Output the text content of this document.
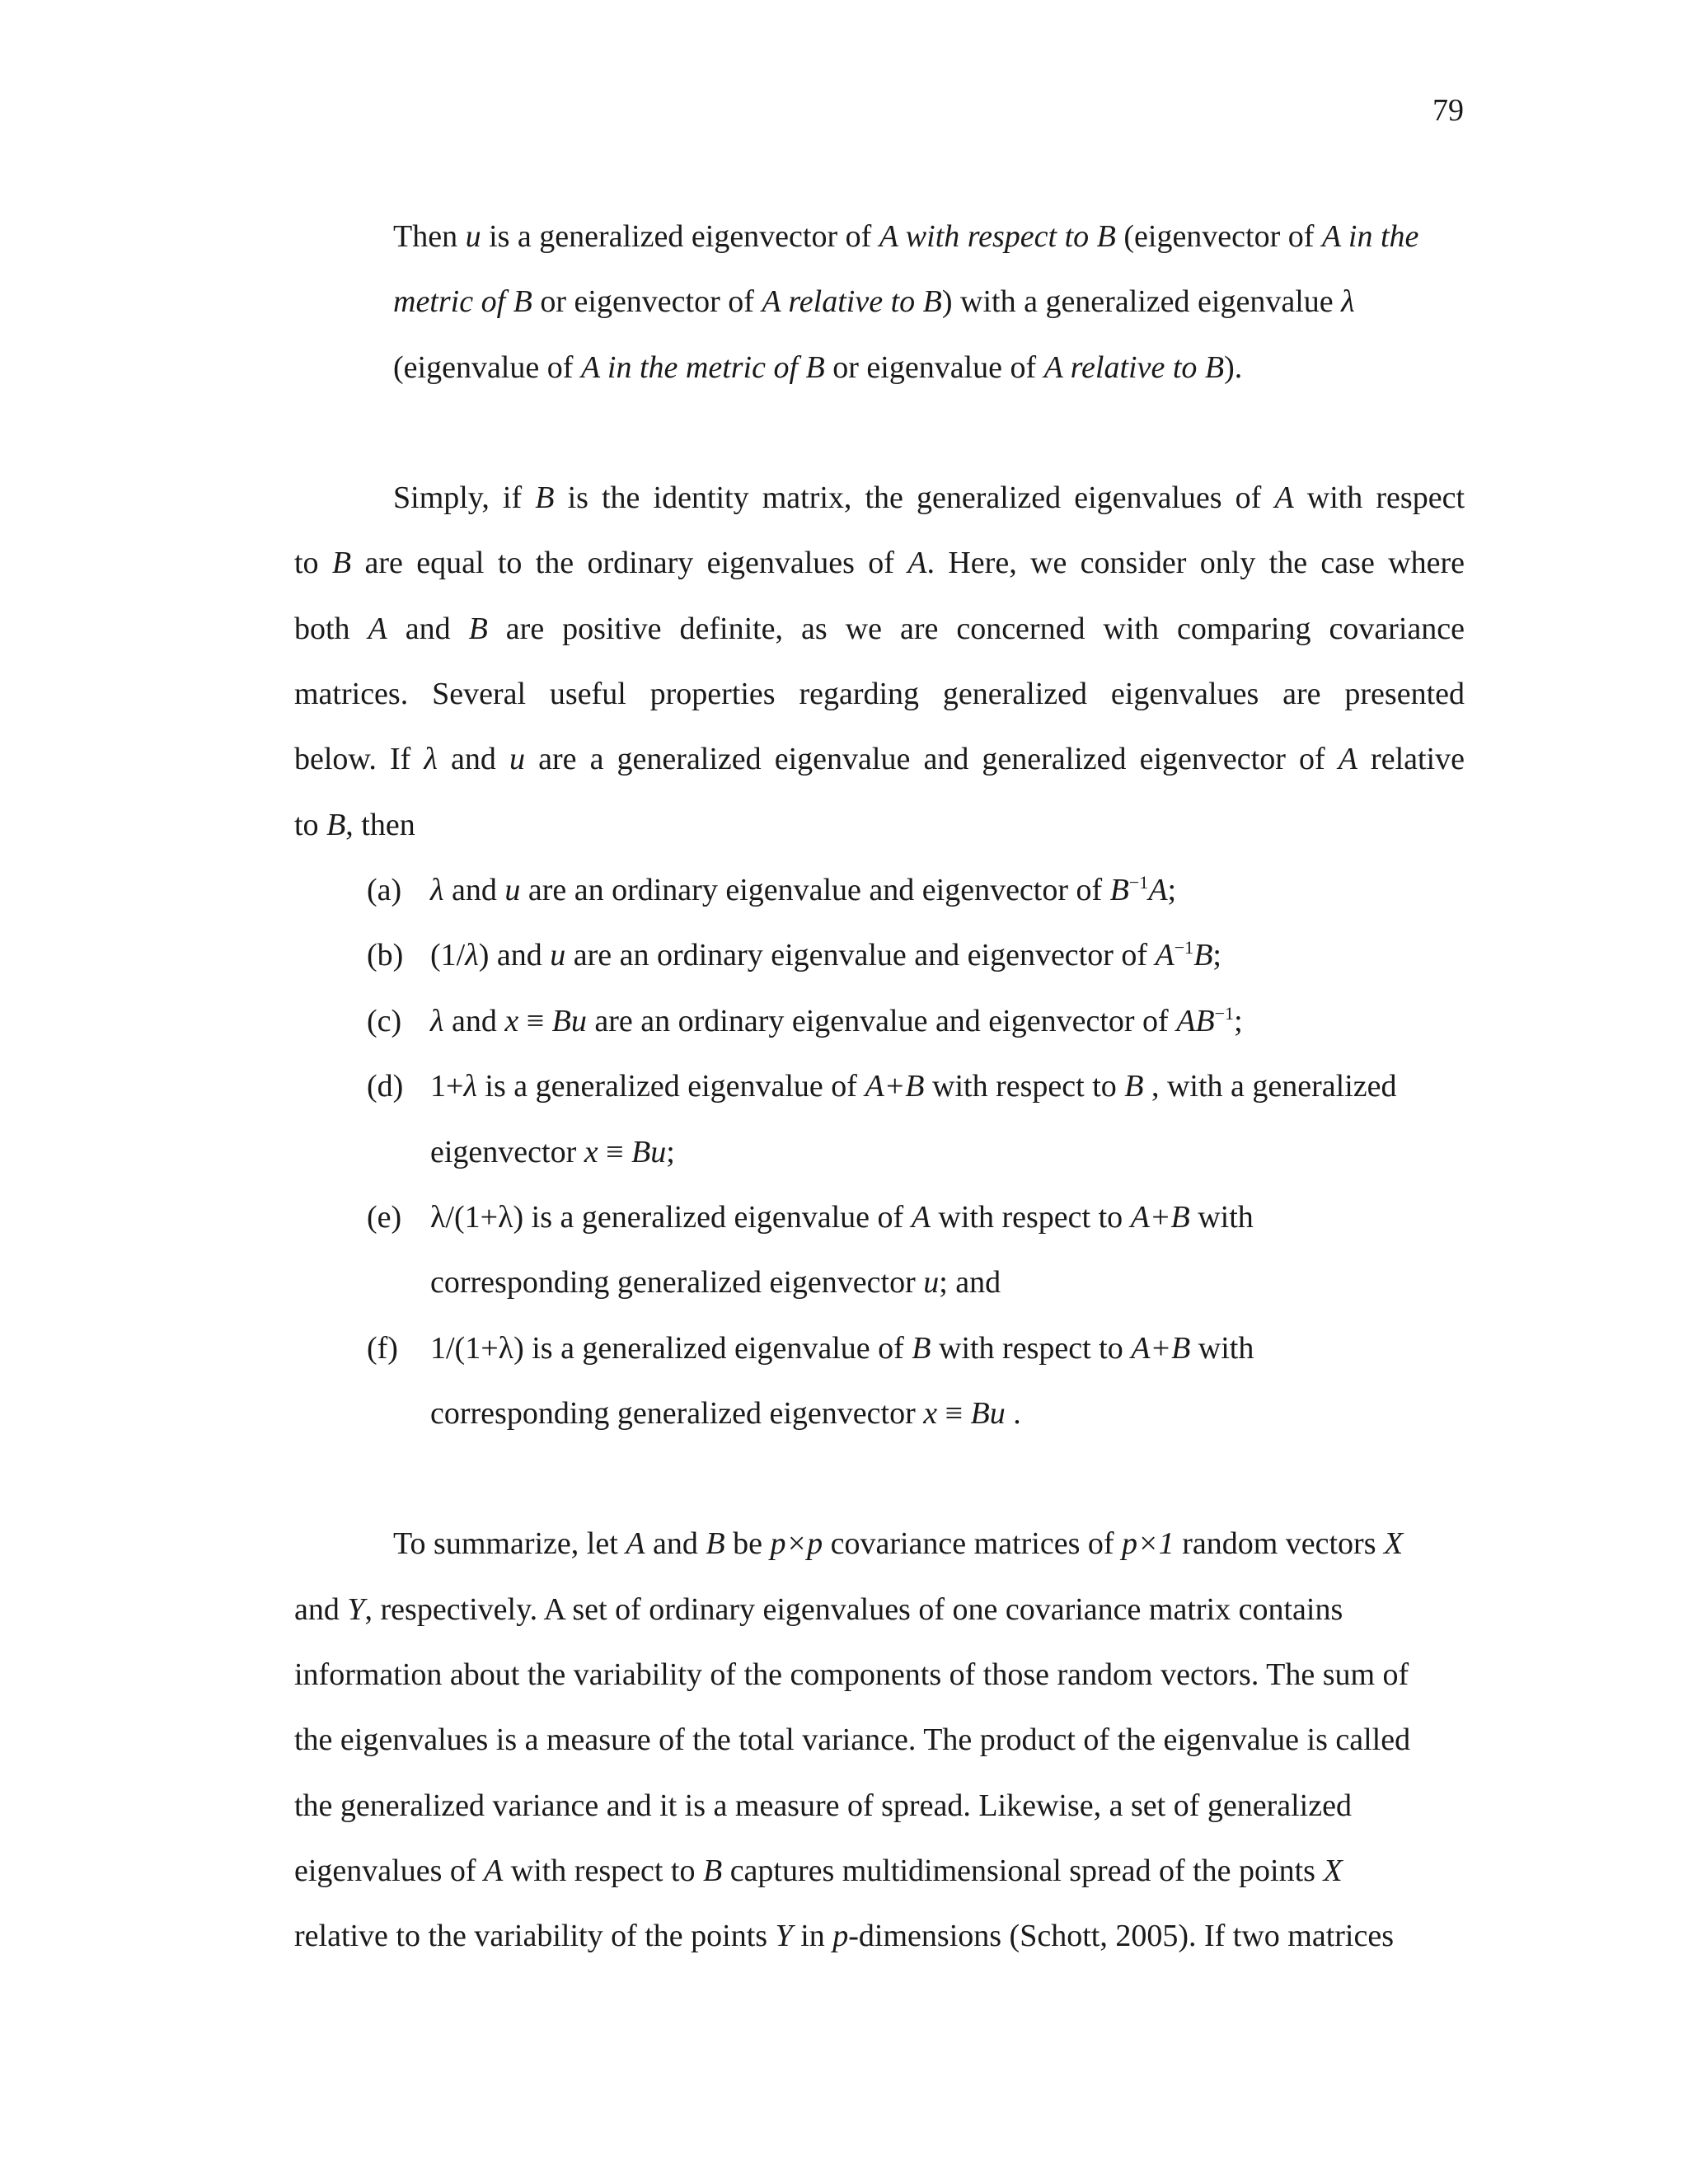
79
Then u is a generalized eigenvector of A with respect to B (eigenvector of A in the
metric of B or eigenvector of A relative to B) with a generalized eigenvalue λ
(eigenvalue of A in the metric of B or eigenvalue of A relative to B).
Simply, if B is the identity matrix, the generalized eigenvalues of A with respect
to B are equal to the ordinary eigenvalues of A. Here, we consider only the case where
both A and B are positive definite, as we are concerned with comparing covariance
matrices. Several useful properties regarding generalized eigenvalues are presented
below. If λ and u are a generalized eigenvalue and generalized eigenvector of A relative
to B, then
(a) λ and u are an ordinary eigenvalue and eigenvector of $B^{-1}A$;
(b) (1/λ) and u are an ordinary eigenvalue and eigenvector of $A^{-1}B$;
(c) λ and x ≡ Bu are an ordinary eigenvalue and eigenvector of $AB^{-1}$;
(d) 1+λ is a generalized eigenvalue of A+B with respect to B , with a generalized
eigenvector x ≡ Bu;
(e) λ/(1+λ) is a generalized eigenvalue of A with respect to A+B with
corresponding generalized eigenvector u; and
(f) 1/(1+λ) is a generalized eigenvalue of B with respect to A+B with
corresponding generalized eigenvector x ≡ Bu .
To summarize, let A and B be p×p covariance matrices of p×1 random vectors X
and Y, respectively. A set of ordinary eigenvalues of one covariance matrix contains
information about the variability of the components of those random vectors. The sum of
the eigenvalues is a measure of the total variance. The product of the eigenvalue is called
the generalized variance and it is a measure of spread. Likewise, a set of generalized
eigenvalues of A with respect to B captures multidimensional spread of the points X
relative to the variability of the points Y in p-dimensions (Schott, 2005). If two matrices
